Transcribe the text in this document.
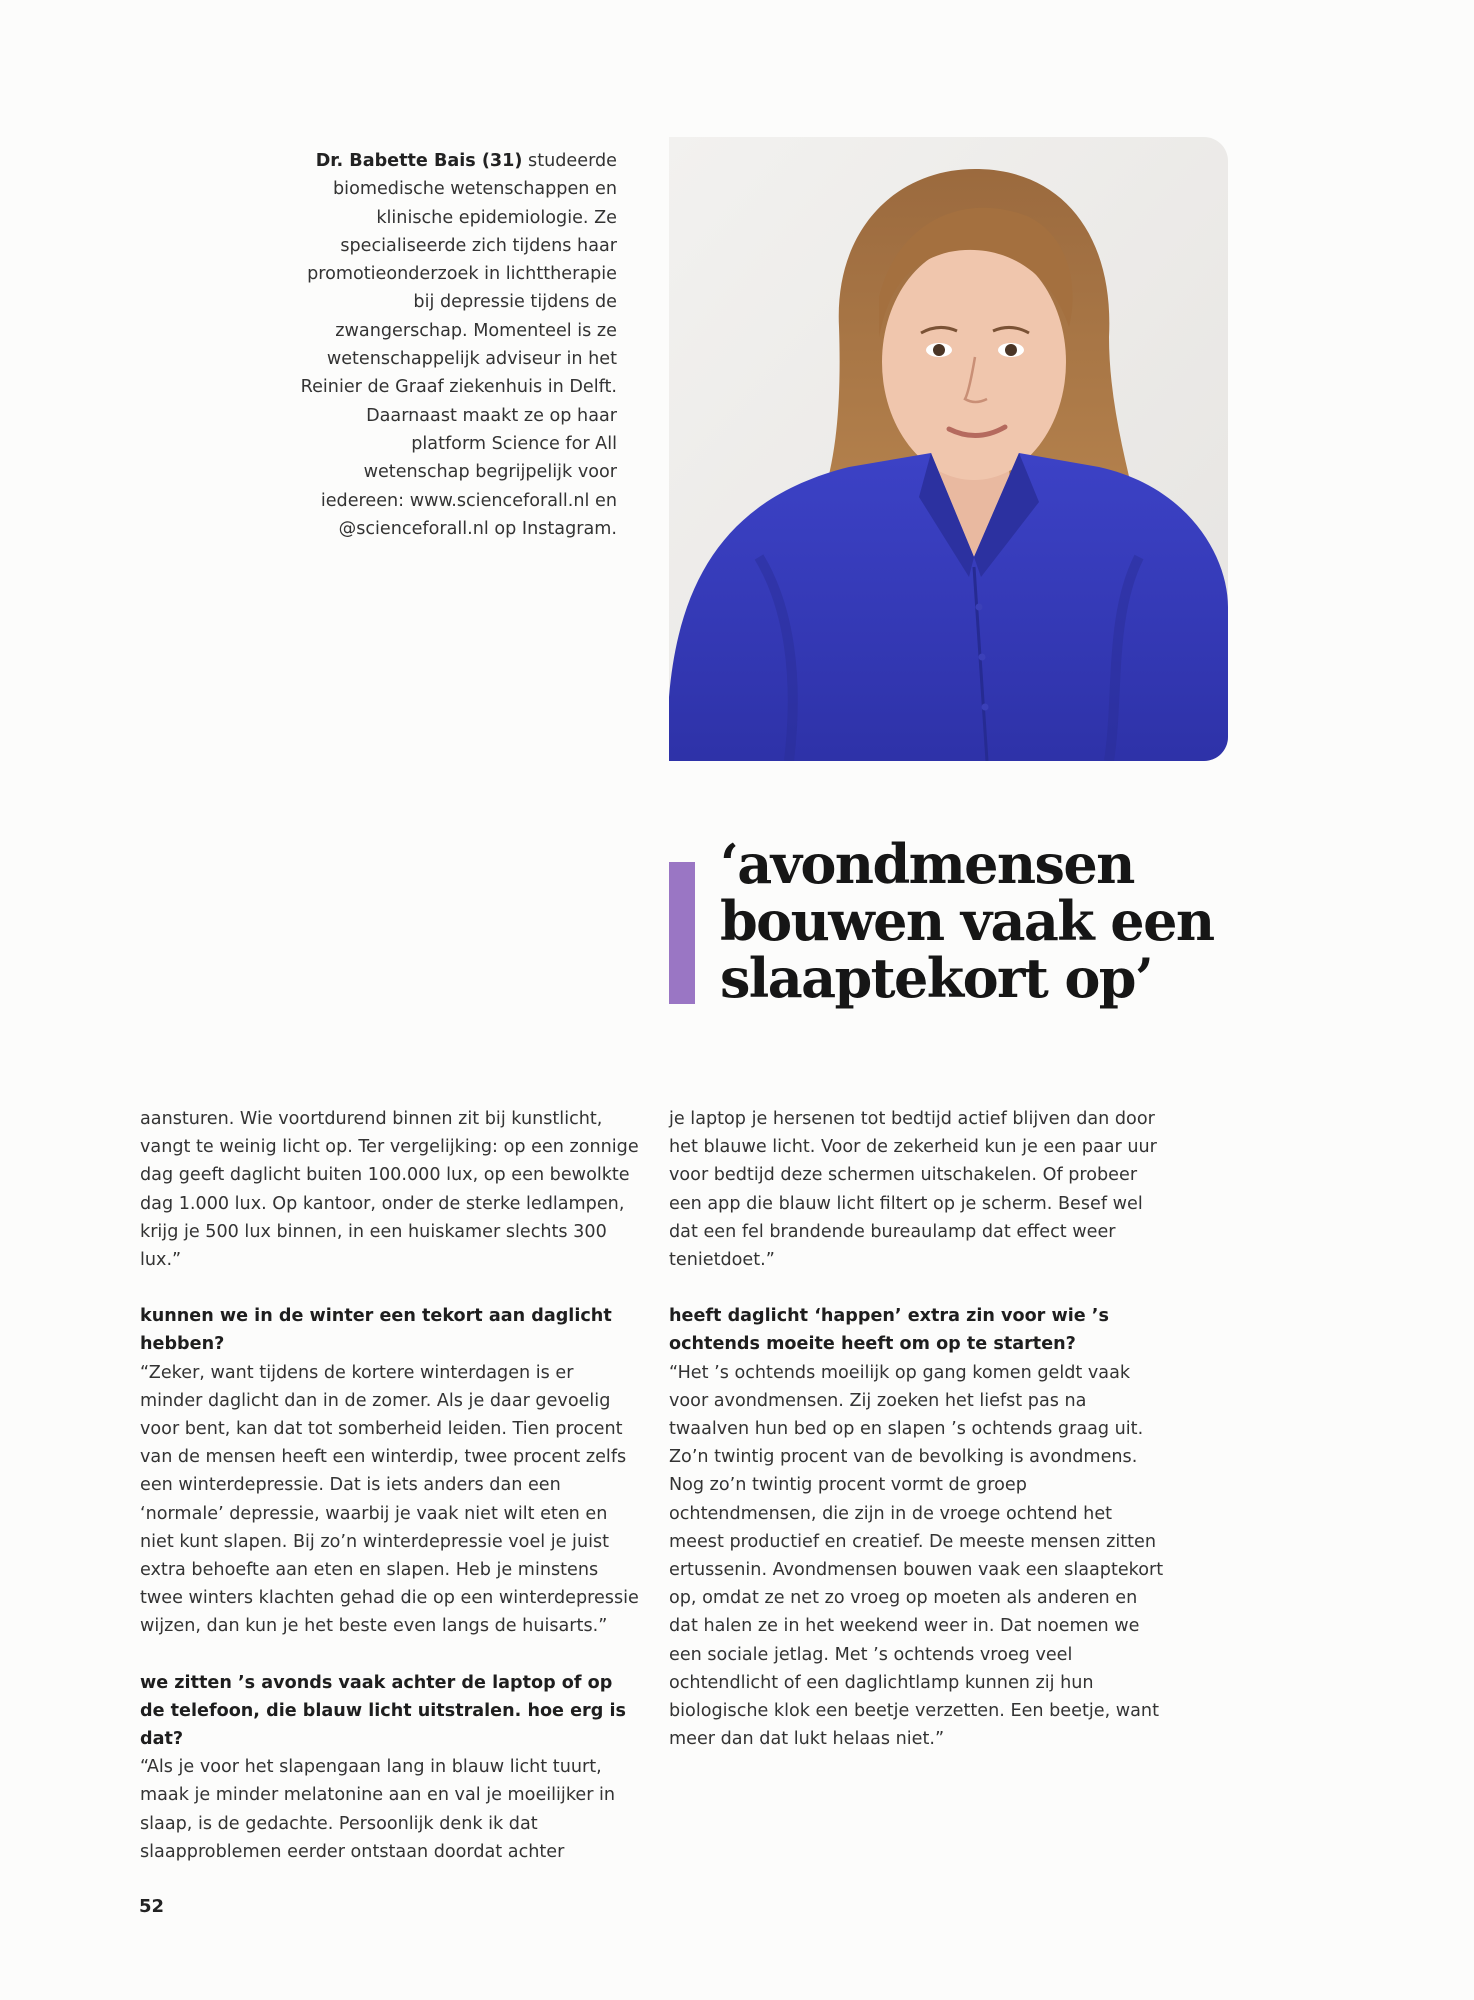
Dr. Babette Bais (31) studeerde biomedische wetenschappen en klinische epidemiologie. Ze specialiseerde zich tijdens haar promotieonderzoek in lichttherapie bij depressie tijdens de zwangerschap. Momenteel is ze wetenschappelijk adviseur in het Reinier de Graaf ziekenhuis in Delft. Daarnaast maakt ze op haar platform Science for All wetenschap begrijpelijk voor iedereen: www.scienceforall.nl en @scienceforall.nl op Instagram.
‘avondmensen
bouwen vaak een
slaaptekort op’

aansturen. Wie voortdurend binnen zit bij kunstlicht, vangt te weinig licht op. Ter vergelijking: op een zonnige dag geeft daglicht buiten 100.000 lux, op een bewolkte dag 1.000 lux. Op kantoor, onder de sterke ledlampen, krijg je 500 lux binnen, in een huiskamer slechts 300 lux.”

kunnen we in de winter een tekort aan daglicht hebben?
“Zeker, want tijdens de kortere winterdagen is er minder daglicht dan in de zomer. Als je daar gevoelig voor bent, kan dat tot somberheid leiden. Tien procent van de mensen heeft een winterdip, twee procent zelfs een winterdepressie. Dat is iets anders dan een ‘normale’ depressie, waarbij je vaak niet wilt eten en niet kunt slapen. Bij zo’n winterdepressie voel je juist extra behoefte aan eten en slapen. Heb je minstens twee winters klachten gehad die op een winterdepressie wijzen, dan kun je het beste even langs de huisarts.”

we zitten ’s avonds vaak achter de laptop of op de telefoon, die blauw licht uitstralen. hoe erg is dat?
“Als je voor het slapengaan lang in blauw licht tuurt, maak je minder melatonine aan en val je moeilijker in slaap, is de gedachte. Persoonlijk denk ik dat slaapproblemen eerder ontstaan doordat achter

je laptop je hersenen tot bedtijd actief blijven dan door het blauwe licht. Voor de zekerheid kun je een paar uur voor bedtijd deze schermen uitschakelen. Of probeer een app die blauw licht filtert op je scherm. Besef wel dat een fel brandende bureaulamp dat effect weer tenietdoet.”

heeft daglicht ‘happen’ extra zin voor wie ’s ochtends moeite heeft om op te starten?
“Het ’s ochtends moeilijk op gang komen geldt vaak voor avondmensen. Zij zoeken het liefst pas na twaalven hun bed op en slapen ’s ochtends graag uit. Zo’n twintig procent van de bevolking is avondmens. Nog zo’n twintig procent vormt de groep ochtendmensen, die zijn in de vroege ochtend het meest productief en creatief. De meeste mensen zitten ertussenin. Avondmensen bouwen vaak een slaaptekort op, omdat ze net zo vroeg op moeten als anderen en dat halen ze in het weekend weer in. Dat noemen we een sociale jetlag. Met ’s ochtends vroeg veel ochtendlicht of een daglichtlamp kunnen zij hun biologische klok een beetje verzetten. Een beetje, want meer dan dat lukt helaas niet.”

52
